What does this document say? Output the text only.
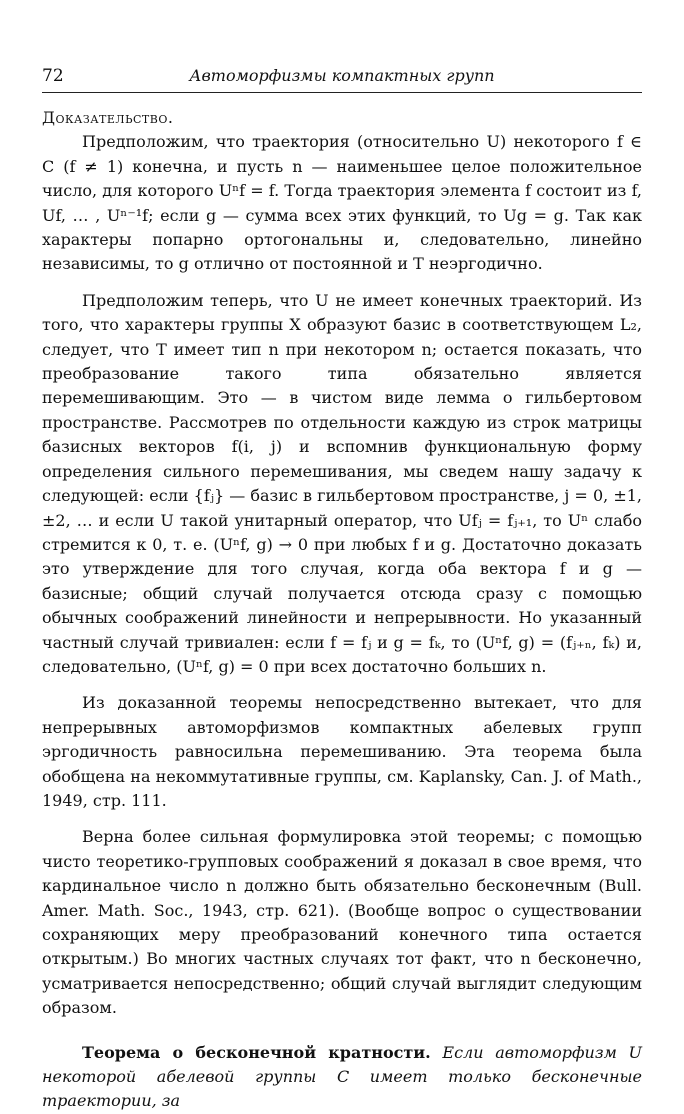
72	Автоморфизмы компактных групп

Доказательство.

Предположим, что траектория (относительно U) некоторого f ∈ C (f ≠ 1) конечна, и пусть n — наименьшее целое положительное число, для которого Uⁿf = f. Тогда траектория элемента f состоит из f, Uf, … , Uⁿ⁻¹f; если g — сумма всех этих функций, то Ug = g. Так как характеры попарно ортогональны и, следовательно, линейно независимы, то g отлично от постоянной и T неэргодично.

Предположим теперь, что U не имеет конечных траекторий. Из того, что характеры группы X образуют базис в соответствующем L₂, следует, что T имеет тип n при некотором n; остается показать, что преобразование такого типа обязательно является перемешивающим. Это — в чистом виде лемма о гильбертовом пространстве. Рассмотрев по отдельности каждую из строк матрицы базисных векторов f(i, j) и вспомнив функциональную форму определения сильного перемешивания, мы сведем нашу задачу к следующей: если {fⱼ} — базис в гильбертовом пространстве, j = 0, ±1, ±2, … и если U такой унитарный оператор, что Ufⱼ = fⱼ₊₁, то Uⁿ слабо стремится к 0, т. е. (Uⁿf, g) → 0 при любых f и g. Достаточно доказать это утверждение для того случая, когда оба вектора f и g — базисные; общий случай получается отсюда сразу с помощью обычных соображений линейности и непрерывности. Но указанный частный случай тривиален: если f = fⱼ и g = fₖ, то (Uⁿf, g) = (fⱼ₊ₙ, fₖ) и, следовательно, (Uⁿf, g) = 0 при всех достаточно больших n.

Из доказанной теоремы непосредственно вытекает, что для непрерывных автоморфизмов компактных абелевых групп эргодичность равносильна перемешиванию. Эта теорема была обобщена на некоммутативные группы, см. Kaplansky, Can. J. of Math., 1949, стр. 111.

Верна более сильная формулировка этой теоремы; с помощью чисто теоретико-групповых соображений я доказал в свое время, что кардинальное число n должно быть обязательно бесконечным (Bull. Amer. Math. Soc., 1943, стр. 621). (Вообще вопрос о существовании сохраняющих меру преобразований конечного типа остается открытым.) Во многих частных случаях тот факт, что n бесконечно, усматривается непосредственно; общий случай выглядит следующим образом.

Теорема о бесконечной кратности. Если автоморфизм U некоторой абелевой группы C имеет только бесконечные траектории, за
